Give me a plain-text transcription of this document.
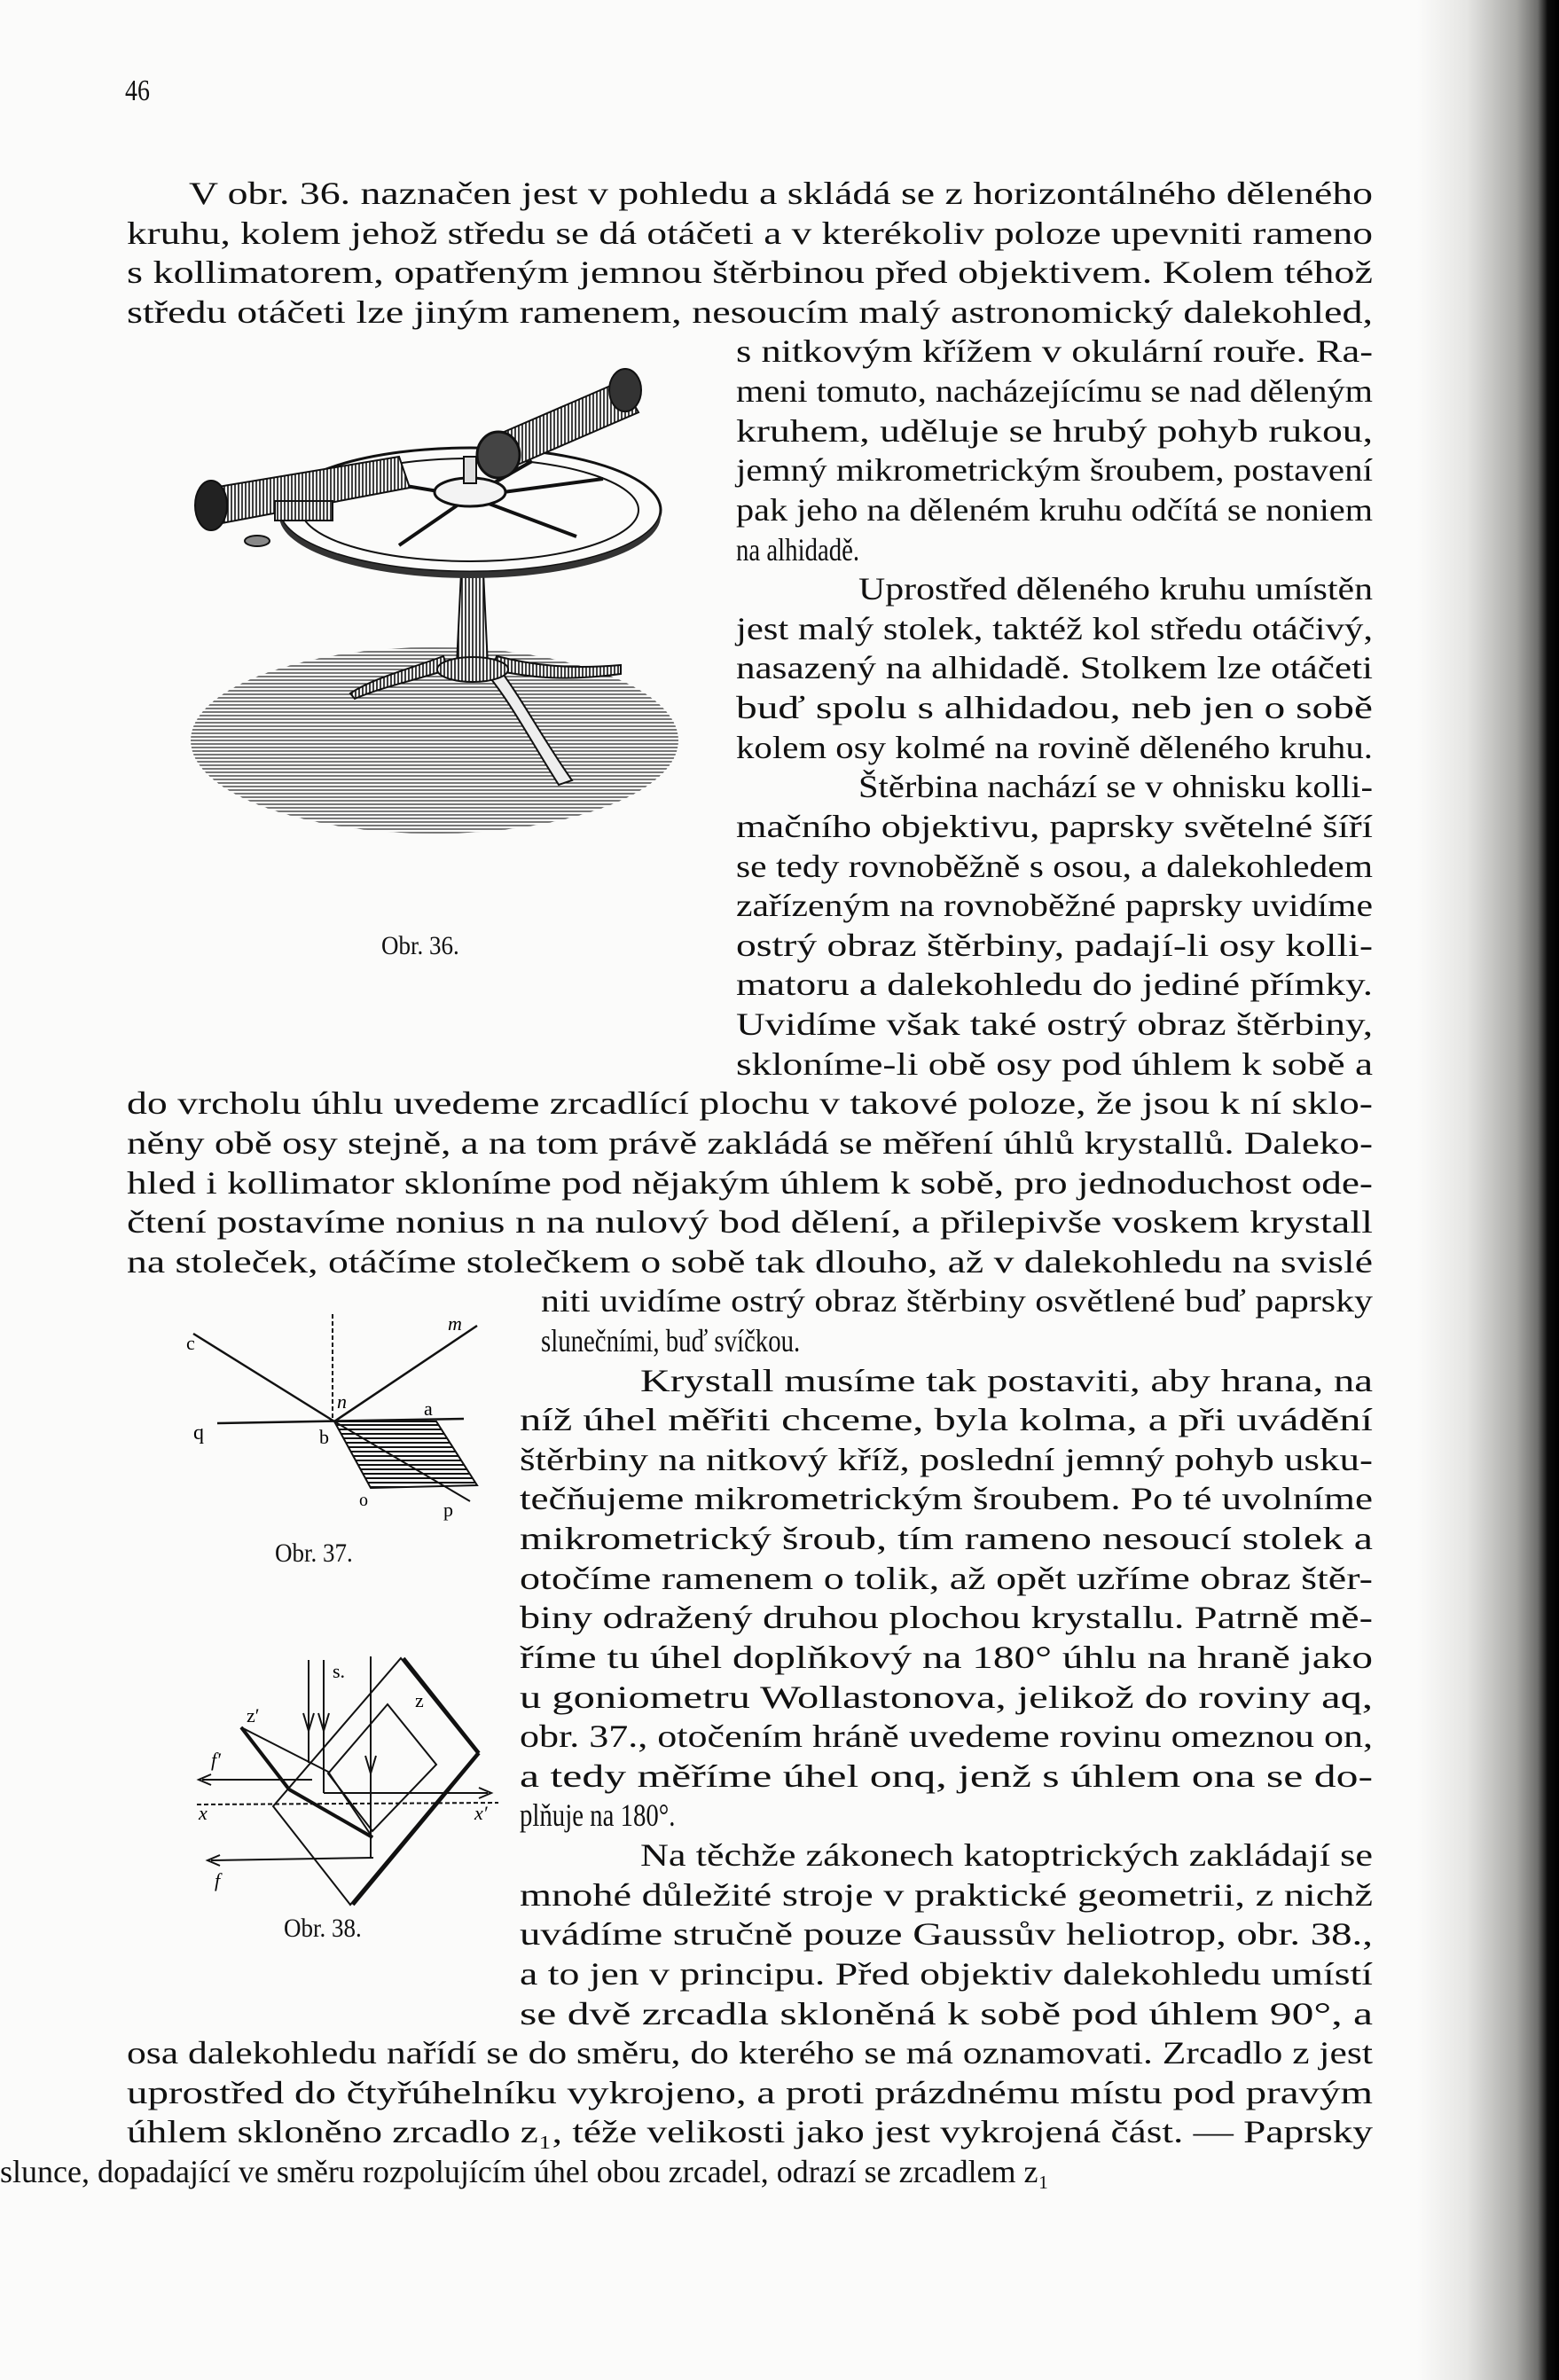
46
Obr. 36.
c
m
n	a
q	b
o	p
Obr. 37.
s.
z
z′
f′
x	x′
f
Obr. 38.
V obr. 36. naznačen jest v pohledu a skládá se z horizontálného děleného
kruhu, kolem jehož středu se dá otáčeti a v kterékoliv poloze upevniti rameno
s kollimatorem, opatřeným jemnou štěrbinou před objektivem. Kolem téhož
středu otáčeti lze jiným ramenem, nesoucím malý astronomický dalekohled,
s nitkovým křížem v okulární rouře. Ra-
meni tomuto, nacházejícímu se nad děleným
kruhem, uděluje se hrubý pohyb rukou,
jemný mikrometrickým šroubem, postavení
pak jeho na děleném kruhu odčítá se noniem
na alhidadě.
Uprostřed děleného kruhu umístěn
jest malý stolek, taktéž kol středu otáčivý,
nasazený na alhidadě. Stolkem lze otáčeti
buď spolu s alhidadou, neb jen o sobě
kolem osy kolmé na rovině děleného kruhu.
Štěrbina nachází se v ohnisku kolli-
mačního objektivu, paprsky světelné šíří
se tedy rovnoběžně s osou, a dalekohledem
zařízeným na rovnoběžné paprsky uvidíme
ostrý obraz štěrbiny, padají-li osy kolli-
matoru a dalekohledu do jediné přímky.
Uvidíme však také ostrý obraz štěrbiny,
skloníme-li obě osy pod úhlem k sobě a
do vrcholu úhlu uvedeme zrcadlící plochu v takové poloze, že jsou k ní sklo-
něny obě osy stejně, a na tom právě zakládá se měření úhlů krystallů. Daleko-
hled i kollimator skloníme pod nějakým úhlem k sobě, pro jednoduchost ode-
čtení postavíme nonius n na nulový bod dělení, a přilepivše voskem krystall
na stoleček, otáčíme stolečkem o sobě tak dlouho, až v dalekohledu na svislé
niti uvidíme ostrý obraz štěrbiny osvětlené buď paprsky
slunečními, buď svíčkou.
Krystall musíme tak postaviti, aby hrana, na
níž úhel měřiti chceme, byla kolma, a při uvádění
štěrbiny na nitkový kříž, poslední jemný pohyb usku-
tečňujeme mikrometrickým šroubem. Po té uvolníme
mikrometrický šroub, tím rameno nesoucí stolek a
otočíme ramenem o tolik, až opět uzříme obraz štěr-
biny odražený druhou plochou krystallu. Patrně mě-
říme tu úhel doplňkový na 180° úhlu na hraně jako
u goniometru Wollastonova, jelikož do roviny aq,
obr. 37., otočením hráně uvedeme rovinu omeznou on,
a tedy měříme úhel onq, jenž s úhlem ona se do-
plňuje na 180°.
Na těchže zákonech katoptrických zakládají se
mnohé důležité stroje v praktické geometrii, z nichž
uvádíme stručně pouze Gaussův heliotrop, obr. 38.,
a to jen v principu. Před objektiv dalekohledu umístí
se dvě zrcadla skloněná k sobě pod úhlem 90°, a
osa dalekohledu nařídí se do směru, do kterého se má oznamovati. Zrcadlo z jest
uprostřed do čtyřúhelníku vykrojeno, a proti prázdnému místu pod pravým
úhlem skloněno zrcadlo z₁, téže velikosti jako jest vykrojená část. — Paprsky
slunce, dopadající ve směru rozpolujícím úhel obou zrcadel, odrazí se zrcadlem z₁
